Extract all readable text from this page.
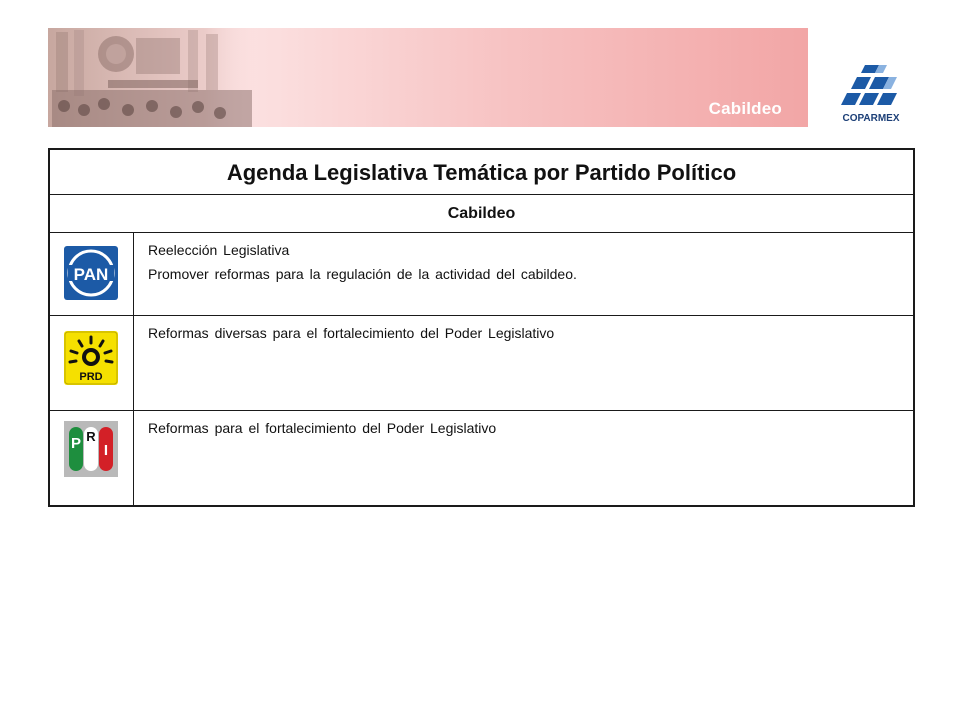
Cabildeo
COPARMEX
Agenda Legislativa Temática por Partido Político
Cabildeo
PAN

Reelección Legislativa

Promover reformas para la regulación de la actividad del cabildeo.

PRD

Reformas diversas para el fortalecimiento del Poder Legislativo

P R
I

Reformas para el fortalecimiento del Poder Legislativo
